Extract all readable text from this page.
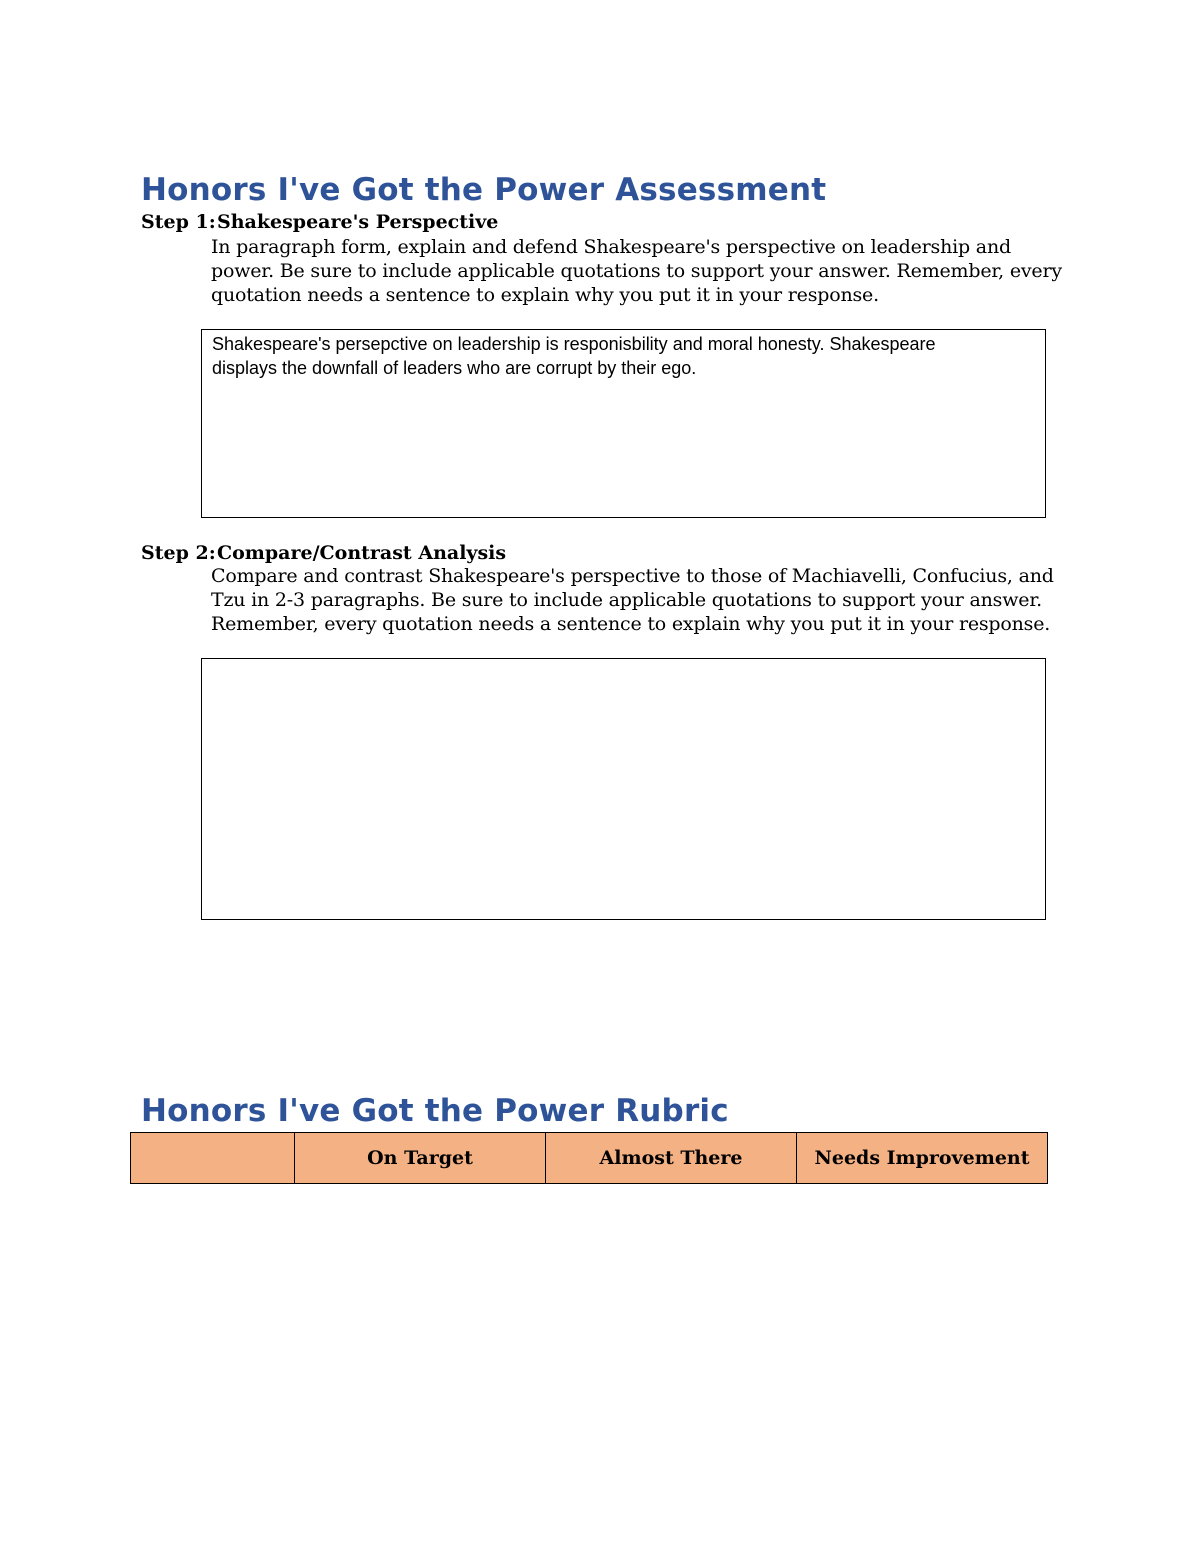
Honors I've Got the Power Assessment
Step 1:Shakespeare's Perspective
In paragraph form, explain and defend Shakespeare's perspective on leadership and
power. Be sure to include applicable quotations to support your answer. Remember, every
quotation needs a sentence to explain why you put it in your response.
Shakespeare's persepctive on leadership is responisbility and moral honesty. Shakespeare
displays the downfall of leaders who are corrupt by their ego.
Step 2:Compare/Contrast Analysis
Compare and contrast Shakespeare's perspective to those of Machiavelli, Confucius, and
Tzu in 2-3 paragraphs. Be sure to include applicable quotations to support your answer.
Remember, every quotation needs a sentence to explain why you put it in your response.
Honors I've Got the Power Rubric
	On Target	Almost There	Needs Improvement
